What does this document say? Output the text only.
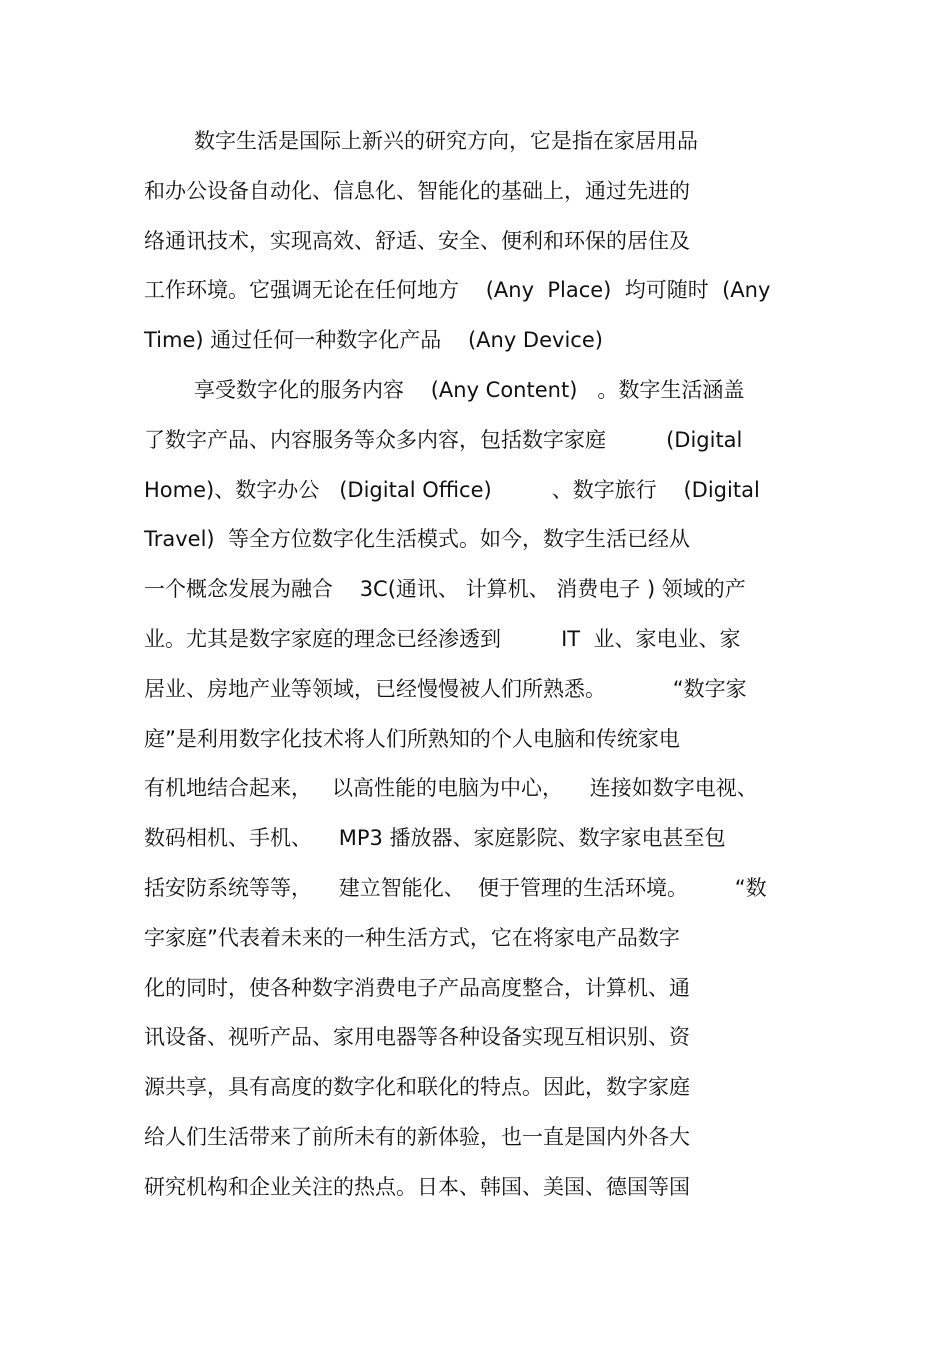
数字生活是国际上新兴的研究方向，它是指在家居用品
和办公设备自动化、信息化、智能化的基础上，通过先进的
络通讯技术，实现高效、舒适、安全、便利和环保的居住及
工作环境。它强调无论在任何地方    (Any  Place)  均可随时  (Any
Time) 通过任何一种数字化产品    (Any Device)
享受数字化的服务内容    (Any Content)   。数字生活涵盖
了数字产品、内容服务等众多内容，包括数字家庭         (Digital
Home)、数字办公   (Digital Office)         、数字旅行    (Digital
Travel)  等全方位数字化生活模式。如今，数字生活已经从
一个概念发展为融合    3C(通讯、 计算机、 消费电子 ) 领域的产
业。尤其是数字家庭的理念已经渗透到         IT  业、家电业、家
居业、房地产业等领域，已经慢慢被人们所熟悉。          “数字家
庭”是利用数字化技术将人们所熟知的个人电脑和传统家电
有机地结合起来，   以高性能的电脑为中心，    连接如数字电视、
数码相机、手机、    MP3 播放器、家庭影院、数字家电甚至包
括安防系统等等，    建立智能化、  便于管理的生活环境。       “数
字家庭”代表着未来的一种生活方式，它在将家电产品数字
化的同时，使各种数字消费电子产品高度整合，计算机、通
讯设备、视听产品、家用电器等各种设备实现互相识别、资
源共享，具有高度的数字化和联化的特点。因此，数字家庭
给人们生活带来了前所未有的新体验，也一直是国内外各大
研究机构和企业关注的热点。日本、韩国、美国、德国等国
